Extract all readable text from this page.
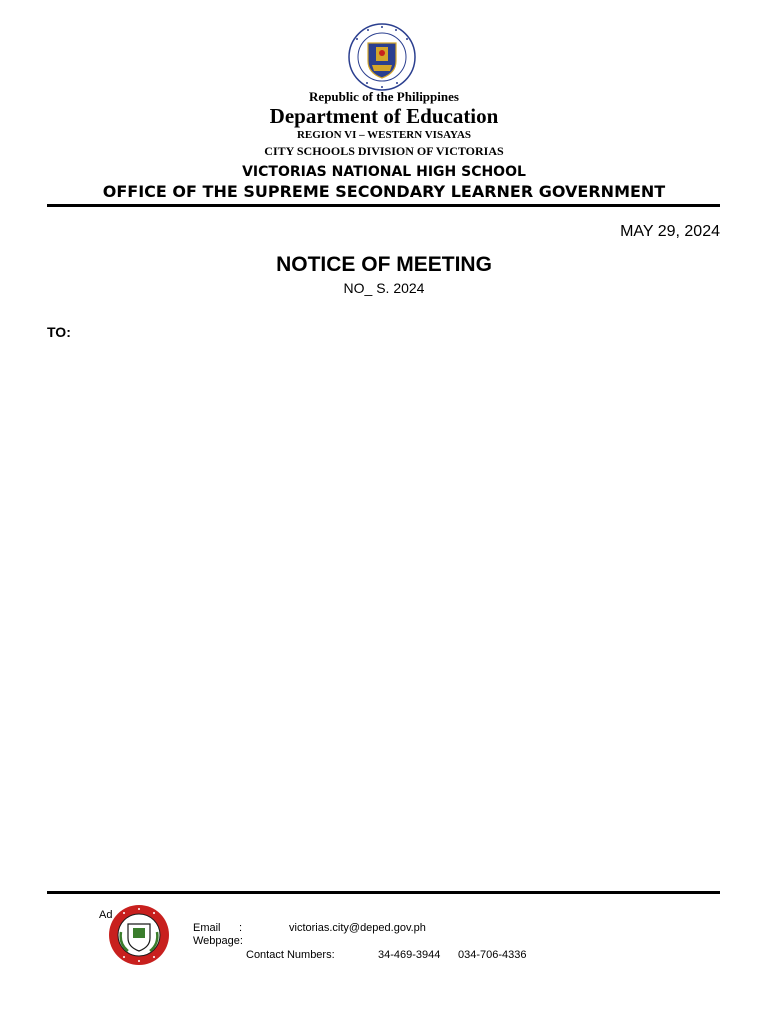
Republic of the Philippines
Department of Education
REGION VI – WESTERN VISAYAS
CITY SCHOOLS DIVISION OF VICTORIAS
VICTORIAS NATIONAL HIGH SCHOOL
OFFICE OF THE SUPREME SECONDARY LEARNER GOVERNMENT
MAY 29, 2024
NOTICE OF MEETING
NO_ S. 2024
TO:
Ad
Email :	victorias.city@deped.gov.ph
Webpage:
Contact Numbers:	34-469-3944 034-706-4336
